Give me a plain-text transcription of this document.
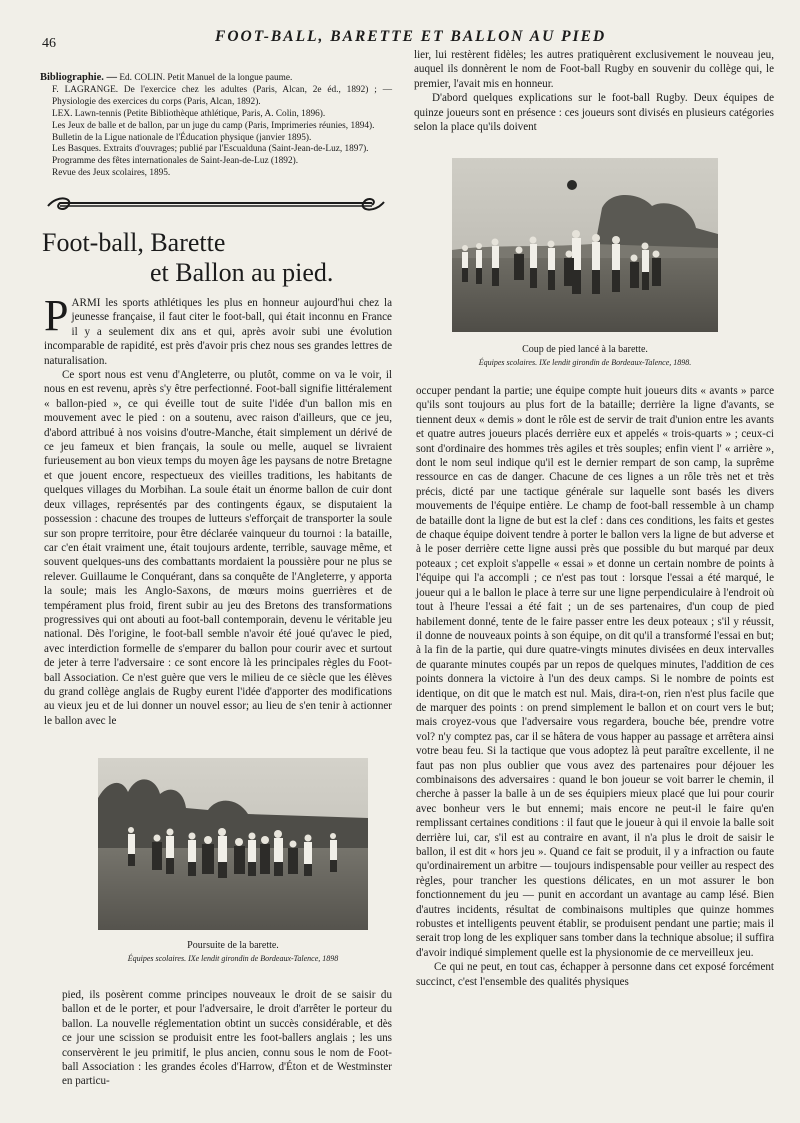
46	FOOT-BALL, BARETTE ET BALLON AU PIED

Bibliographie. — Ed. COLIN. Petit Manuel de la longue paume.

F. LAGRANGE. De l'exercice chez les adultes (Paris, Alcan, 2e éd., 1892) ; — Physiologie des exercices du corps (Paris, Alcan, 1892).

LEX. Lawn-tennis (Petite Bibliothèque athlétique, Paris, A. Colin, 1896).

Les Jeux de balle et de ballon, par un juge du camp (Paris, Imprimeries réunies, 1894).

Bulletin de la Ligue nationale de l'Éducation physique (janvier 1895).

Les Basques. Extraits d'ouvrages; publié par l'Escualduna (Saint-Jean-de-Luz, 1897).

Programme des fêtes internationales de Saint-Jean-de-Luz (1892).

Revue des Jeux scolaires, 1895.

Foot-ball, Barette
et Ballon au pied.

PARMI les sports athlétiques les plus en honneur aujourd'hui chez la jeunesse française, il faut citer le foot-ball, qui était inconnu en France il y a seulement dix ans et qui, après avoir subi une évolution incomparable de rapidité, est près d'avoir pris chez nous ses grandes lettres de naturalisation.

Ce sport nous est venu d'Angleterre, ou plutôt, comme on va le voir, il nous en est revenu, après s'y être perfectionné. Foot-ball signifie littéralement « ballon-pied », ce qui éveille tout de suite l'idée d'un ballon mis en mouvement avec le pied : on a soutenu, avec raison d'ailleurs, que ce jeu, d'abord attribué à nos voisins d'outre-Manche, était simplement un dérivé de ce jeu fameux et bien français, la soule ou melle, auquel se livraient furieusement au bon vieux temps du moyen âge les paysans de notre Bretagne et que jouent encore, respectueux des vieilles traditions, les habitants de quelques villages du Morbihan. La soule était un énorme ballon de cuir dont deux villages, représentés par des contingents égaux, se disputaient la possession : chacune des troupes de lutteurs s'efforçait de transporter la soule sur son propre territoire, pour être déclarée vainqueur du tournoi : la bataille, car c'en était vraiment une, était toujours ardente, terrible, sauvage même, et souvent quelques-uns des combattants mordaient la poussière pour ne plus se relever. Guillaume le Conquérant, dans sa conquête de l'Angleterre, y apporta la soule; mais les Anglo-Saxons, de mœurs moins guerrières et de tempérament plus froid, firent subir au jeu des Bretons des transformations progressives qui ont abouti au foot-ball contemporain, devenu le véritable jeu national. Dès l'origine, le foot-ball semble n'avoir été joué qu'avec le pied, avec interdiction formelle de s'emparer du ballon pour courir avec et surtout de jeter à terre l'adversaire : ce sont encore là les principales règles du Foot-ball Association. Ce n'est guère que vers le milieu de ce siècle que les élèves du grand collège anglais de Rugby eurent l'idée d'apporter des modifications au vieux jeu et de lui donner un nouvel essor; au lieu de s'en tenir à actionner le ballon avec le

pied, ils posèrent comme principes nouveaux le droit de se saisir du ballon et de le porter, et pour l'adversaire, le droit d'arrêter le porteur du ballon. La nouvelle réglementation obtint un succès considérable, et dès ce jour une scission se produisit entre les foot-ballers anglais ; les uns conservèrent le jeu primitif, le plus ancien, connu sous le nom de Foot-ball Association : les grandes écoles d'Harrow, d'Éton et de Westminster en particu-

lier, lui restèrent fidèles; les autres pratiquèrent exclusivement le nouveau jeu, auquel ils donnèrent le nom de Foot-ball Rugby en souvenir du collège qui, le premier, l'avait mis en honneur.

D'abord quelques explications sur le foot-ball Rugby. Deux équipes de quinze joueurs sont en présence : ces joueurs sont divisés en plusieurs catégories selon la place qu'ils doivent

Coup de pied lancé à la barette.
Équipes scolaires. IXe lendit girondin de Bordeaux-Talence, 1898.

occuper pendant la partie; une équipe compte huit joueurs dits « avants » parce qu'ils sont toujours au plus fort de la bataille; derrière la ligne d'avants, se tiennent deux « demis » dont le rôle est de servir de trait d'union entre les avants et quatre autres joueurs placés derrière eux et appelés « trois-quarts » ; ceux-ci sont d'ordinaire des hommes très agiles et très souples; enfin vient l' « arrière », dont le nom seul indique qu'il est le dernier rempart de son camp, la suprême ressource en cas de danger. Chacune de ces lignes a un rôle très net et très précis, dicté par une tactique générale sur laquelle sont basés les divers mouvements de l'équipe entière. Le champ de foot-ball ressemble à un champ de bataille dont la ligne de but est la clef : dans ces conditions, les faits et gestes de chaque équipe doivent tendre à porter le ballon vers la ligne de but adverse et à le poser derrière cette ligne aussi près que possible du but marqué par deux poteaux ; cet exploit s'appelle « essai » et donne un certain nombre de points à l'équipe qui l'a accompli ; ce n'est pas tout : lorsque l'essai a été marqué, le joueur qui a le ballon le place à terre sur une ligne perpendiculaire à l'endroit où tout à l'heure l'essai a été fait ; un de ses partenaires, d'un coup de pied habilement donné, tente de le faire passer entre les deux poteaux ; s'il y réussit, il donne de nouveaux points à son équipe, on dit qu'il a transformé l'essai en but; à la fin de la partie, qui dure quatre-vingts minutes divisées en deux intervalles de quarante minutes coupés par un repos de quelques minutes, l'addition de ces points donnera la victoire à l'un des deux camps. Si le nombre de points est identique, on dit que le match est nul. Mais, dira-t-on, rien n'est plus facile que de marquer des points : on prend simplement le ballon et on court vers le but; mais croyez-vous que l'adversaire vous regardera, bouche bée, prendre votre vol? n'y comptez pas, car il se hâtera de vous happer au passage et arrêtera ainsi votre beau feu. Si la tactique que vous adoptez là peut paraître excellente, il ne faut pas non plus oublier que vous avez des partenaires pour déjouer les combinaisons des adversaires : quand le bon joueur se voit barrer le chemin, il cherche à passer la balle à un de ses équipiers mieux placé que lui pour courir avec bonheur vers le but ennemi; mais encore ne peut-il le faire qu'en remplissant certaines conditions : il faut que le joueur à qui il envoie la balle soit derrière lui, car, s'il est au contraire en avant, il n'a plus le droit de saisir le ballon, il est dit « hors jeu ». Quand ce fait se produit, il y a infraction ou faute qu'ordinairement un arbitre — toujours indispensable pour veiller au respect des règles, pour trancher les questions délicates, en un mot assurer le bon fonctionnement du jeu — punit en accordant un avantage au camp lésé. Bien d'autres incidents, résultat de combinaisons multiples que quinze hommes robustes et intelligents peuvent établir, se produisent pendant une partie; mais il serait trop long de les expliquer sans tomber dans la technique absolue; il suffira d'avoir indiqué simplement quelle est la physionomie de ce merveilleux jeu.

Ce qui ne peut, en tout cas, échapper à personne dans cet exposé forcément succinct, c'est l'ensemble des qualités physiques

Poursuite de la barette.
Équipes scolaires. IXe lendit girondin de Bordeaux-Talence, 1898
